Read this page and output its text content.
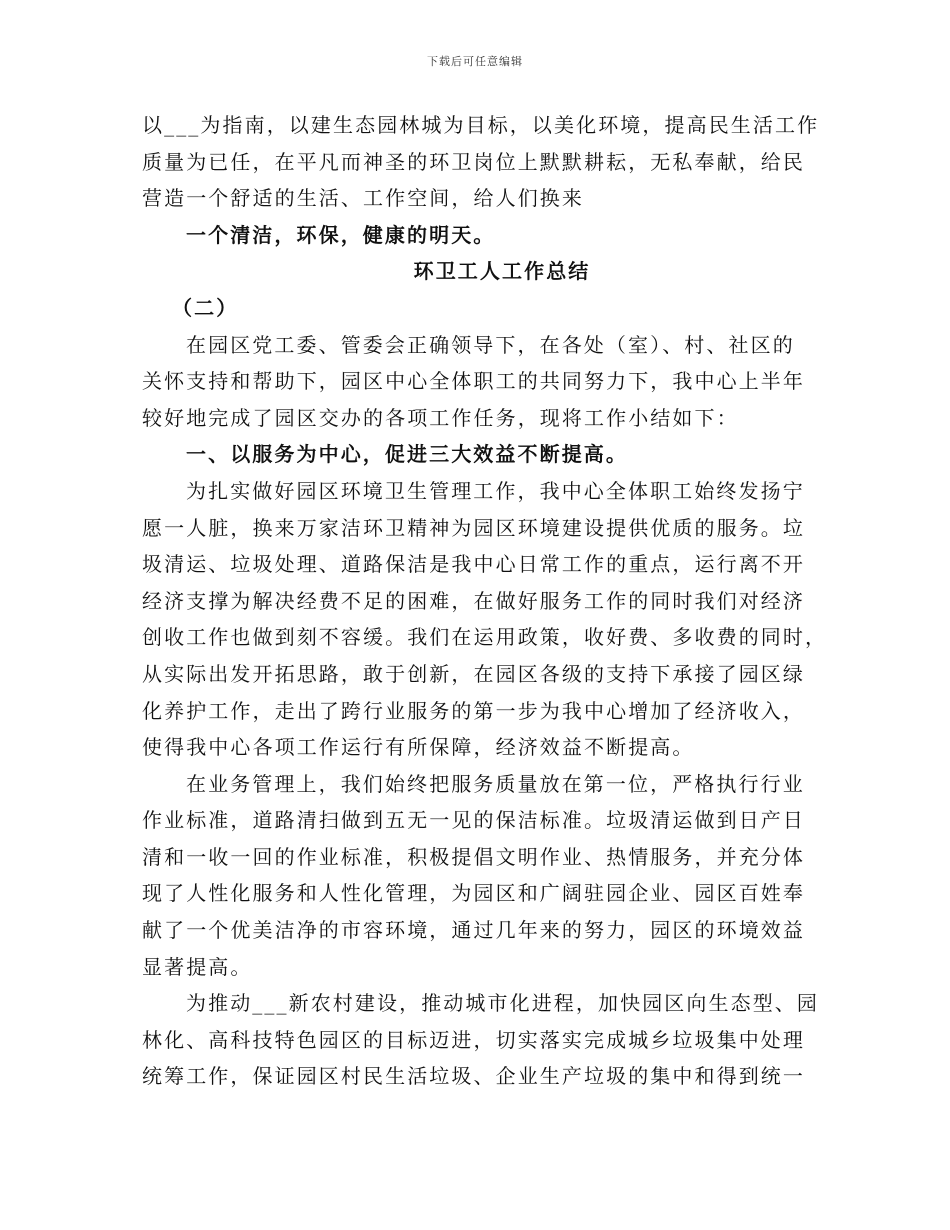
下载后可任意编辑
以___为指南，以建生态园林城为目标，以美化环境，提高民生活工作
质量为已任，在平凡而神圣的环卫岗位上默默耕耘，无私奉献，给民
营造一个舒适的生活、工作空间，给人们换来
一个清洁，环保，健康的明天。
环卫工人工作总结
（二）
在园区党工委、管委会正确领导下，在各处（室）、村、社区的
关怀支持和帮助下，园区中心全体职工的共同努力下，我中心上半年
较好地完成了园区交办的各项工作任务，现将工作小结如下：
一、以服务为中心，促进三大效益不断提高。
为扎实做好园区环境卫生管理工作，我中心全体职工始终发扬宁
愿一人脏，换来万家洁环卫精神为园区环境建设提供优质的服务。垃
圾清运、垃圾处理、道路保洁是我中心日常工作的重点，运行离不开
经济支撑为解决经费不足的困难，在做好服务工作的同时我们对经济
创收工作也做到刻不容缓。我们在运用政策，收好费、多收费的同时，
从实际出发开拓思路，敢于创新，在园区各级的支持下承接了园区绿
化养护工作，走出了跨行业服务的第一步为我中心增加了经济收入，
使得我中心各项工作运行有所保障，经济效益不断提高。
在业务管理上，我们始终把服务质量放在第一位，严格执行行业
作业标准，道路清扫做到五无一见的保洁标准。垃圾清运做到日产日
清和一收一回的作业标准，积极提倡文明作业、热情服务，并充分体
现了人性化服务和人性化管理，为园区和广阔驻园企业、园区百姓奉
献了一个优美洁净的市容环境，通过几年来的努力，园区的环境效益
显著提高。
为推动___新农村建设，推动城市化进程，加快园区向生态型、园
林化、高科技特色园区的目标迈进，切实落实完成城乡垃圾集中处理
统筹工作，保证园区村民生活垃圾、企业生产垃圾的集中和得到统一
